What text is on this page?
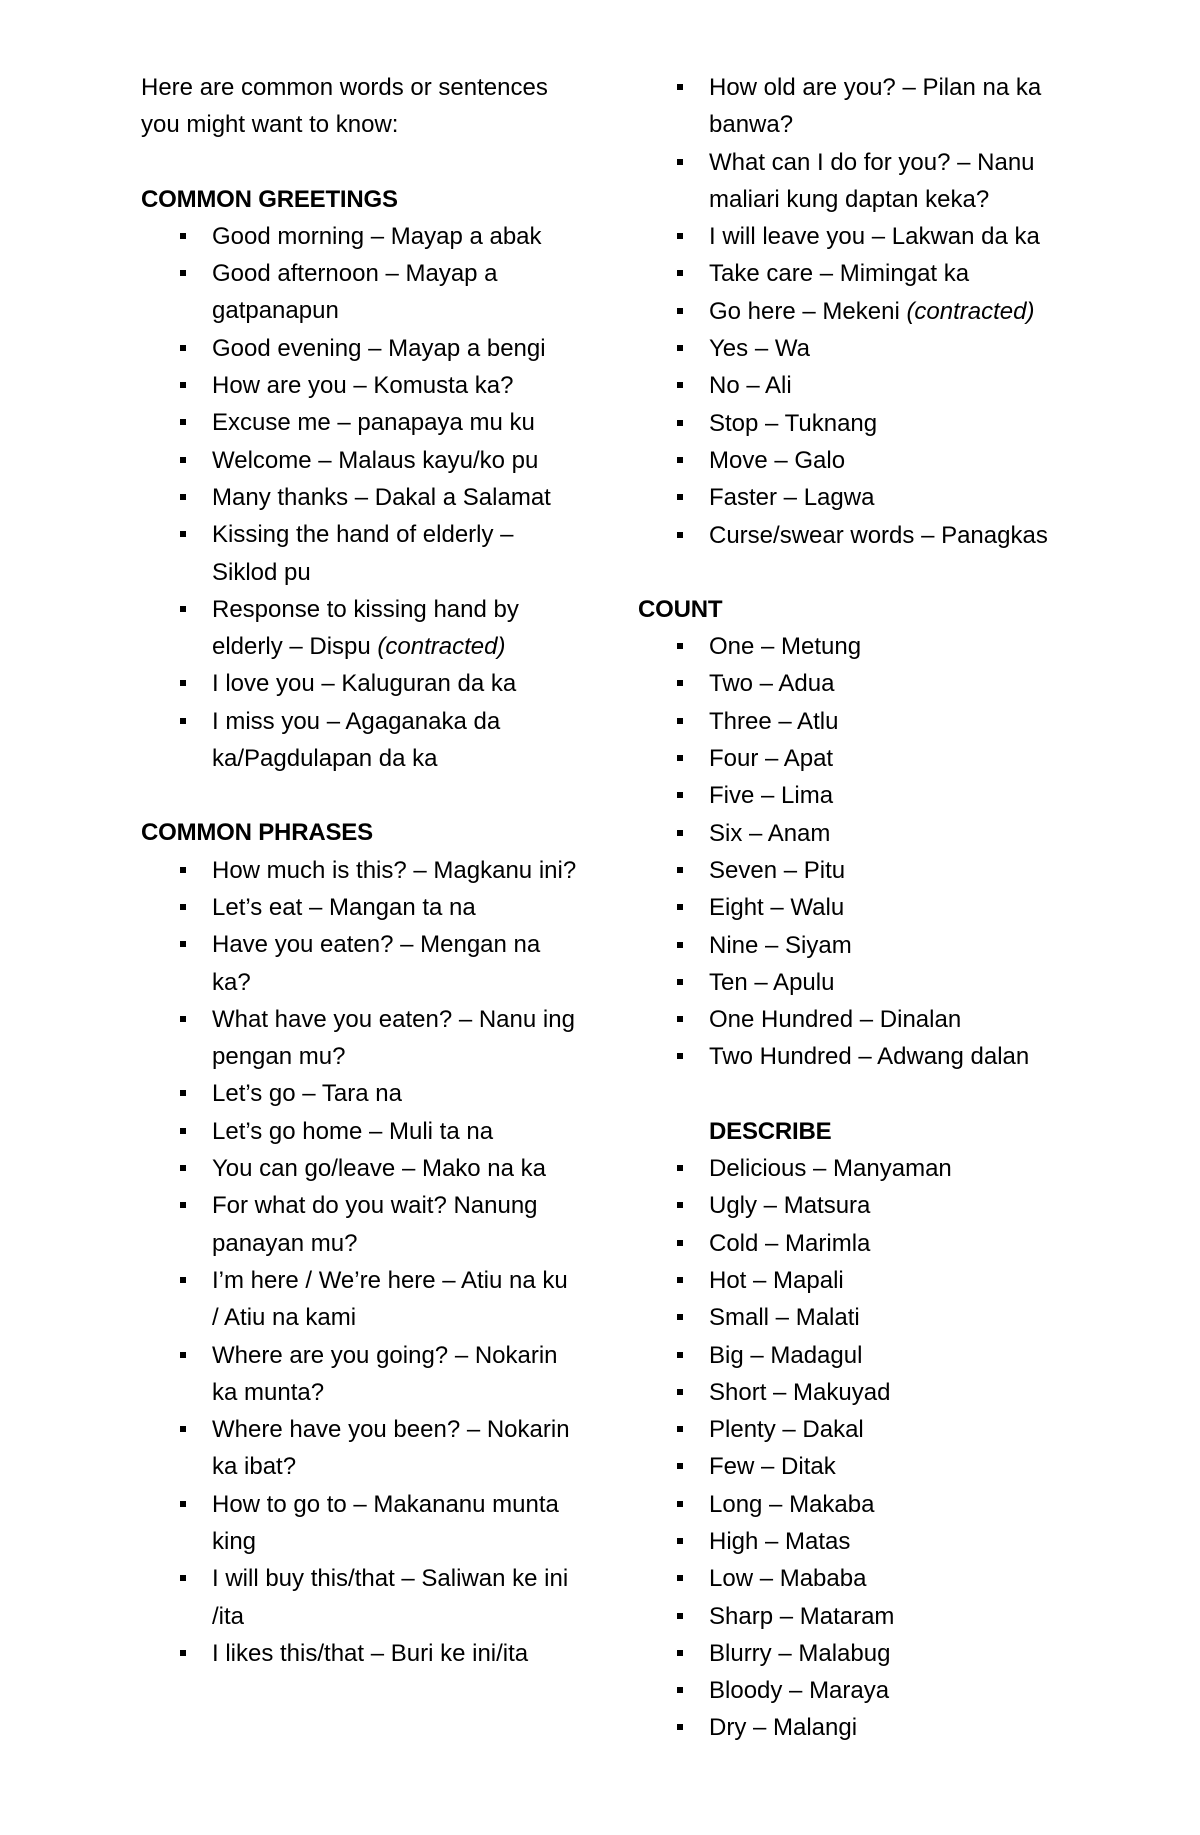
Here are common words or sentences you might want to know:

COMMON GREETINGS

Good morning – Mayap a abak
Good afternoon – Mayap a gatpanapun
Good evening – Mayap a bengi
How are you – Komusta ka?
Excuse me – panapaya mu ku
Welcome – Malaus kayu/ko pu
Many thanks – Dakal a Salamat
Kissing the hand of elderly – Siklod pu
Response to kissing hand by elderly – Dispu (contracted)
I love you – Kaluguran da ka
I miss you – Agaganaka da ka/Pagdulapan da ka

COMMON PHRASES

How much is this? – Magkanu ini?
Let’s eat – Mangan ta na
Have you eaten? – Mengan na ka?
What have you eaten? – Nanu ing pengan mu?
Let’s go – Tara na
Let’s go home – Muli ta na
You can go/leave – Mako na ka
For what do you wait? Nanung panayan mu?
I’m here / We’re here – Atiu na ku / Atiu na kami
Where are you going? – Nokarin ka munta?
Where have you been? – Nokarin ka ibat?
How to go to – Makananu munta king
I will buy this/that – Saliwan ke ini /ita
I likes this/that – Buri ke ini/ita
How old are you? – Pilan na ka banwa?
What can I do for you? – Nanu maliari kung daptan keka?
I will leave you – Lakwan da ka
Take care – Mimingat ka
Go here – Mekeni (contracted)
Yes – Wa
No – Ali
Stop – Tuknang
Move – Galo
Faster – Lagwa
Curse/swear words – Panagkas

COUNT

One – Metung
Two – Adua
Three – Atlu
Four – Apat
Five – Lima
Six – Anam
Seven – Pitu
Eight – Walu
Nine – Siyam
Ten – Apulu
One Hundred – Dinalan
Two Hundred – Adwang dalan

DESCRIBE

Delicious – Manyaman
Ugly – Matsura
Cold – Marimla
Hot – Mapali
Small – Malati
Big – Madagul
Short – Makuyad
Plenty – Dakal
Few – Ditak
Long – Makaba
High – Matas
Low – Mababa
Sharp – Mataram
Blurry – Malabug
Bloody – Maraya
Dry – Malangi
